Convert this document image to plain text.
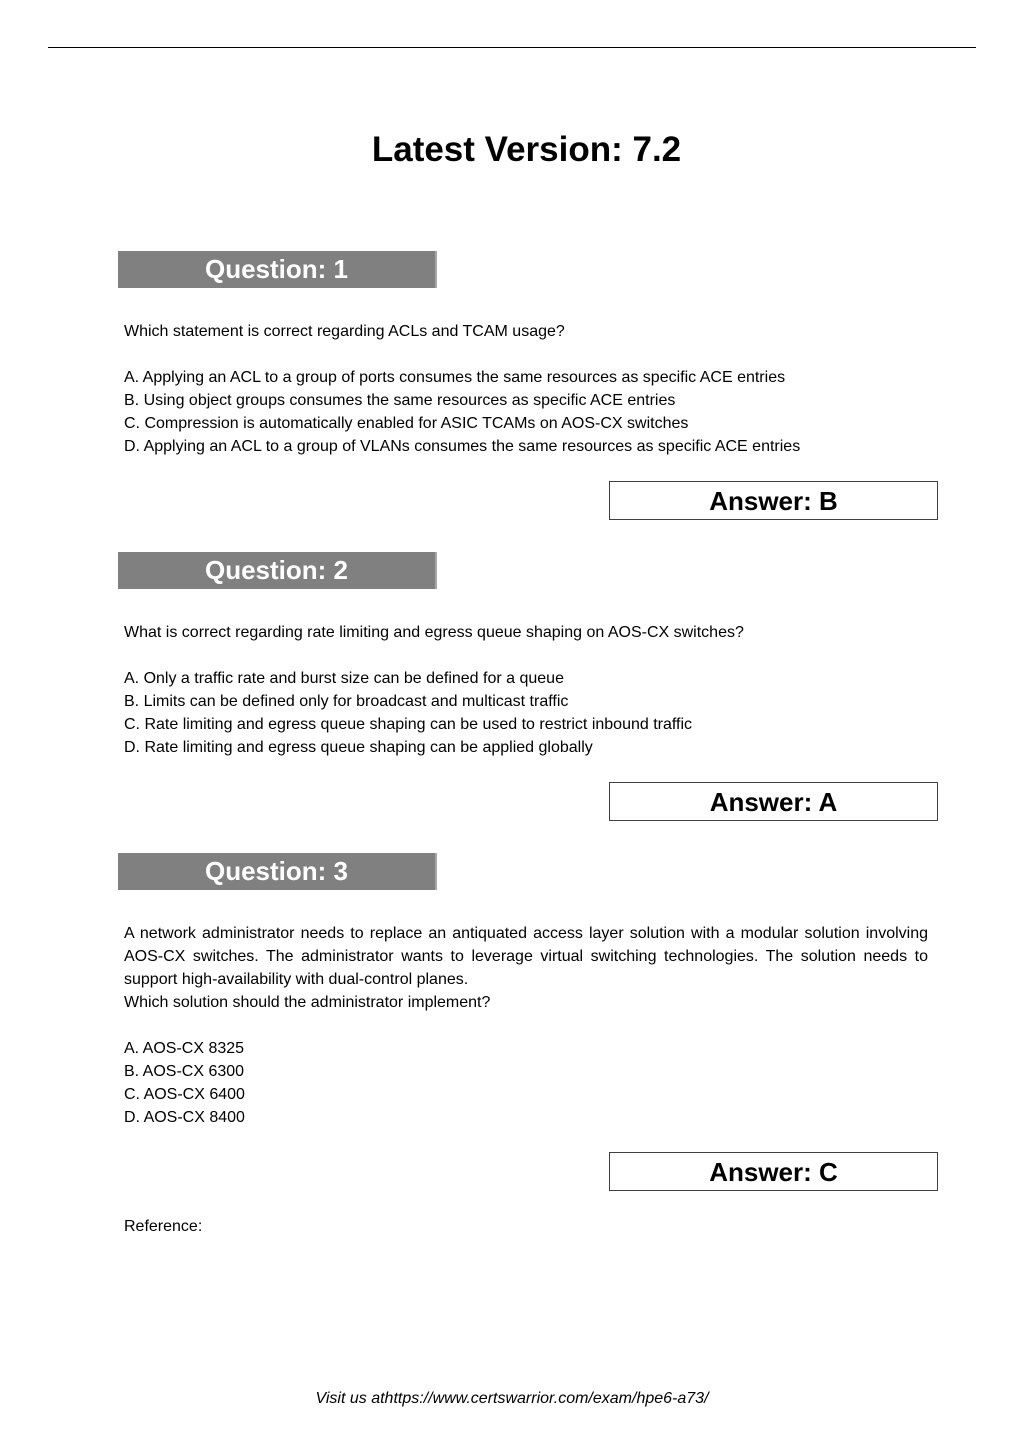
Latest Version: 7.2
Question: 1

Which statement is correct regarding ACLs and TCAM usage?

A. Applying an ACL to a group of ports consumes the same resources as specific ACE entries
B. Using object groups consumes the same resources as specific ACE entries
C. Compression is automatically enabled for ASIC TCAMs on AOS-CX switches
D. Applying an ACL to a group of VLANs consumes the same resources as specific ACE entries
Answer: B
Question: 2

What is correct regarding rate limiting and egress queue shaping on AOS-CX switches?

A. Only a traffic rate and burst size can be defined for a queue
B. Limits can be defined only for broadcast and multicast traffic
C. Rate limiting and egress queue shaping can be used to restrict inbound traffic
D. Rate limiting and egress queue shaping can be applied globally
Answer: A
Question: 3

A network administrator needs to replace an antiquated access layer solution with a modular solution involving AOS-CX switches. The administrator wants to leverage virtual switching technologies. The solution needs to support high-availability with dual-control planes.

Which solution should the administrator implement?

A. AOS-CX 8325
B. AOS-CX 6300
C. AOS-CX 6400
D. AOS-CX 8400
Answer: C

Reference:

Visit us athttps://www.certswarrior.com/exam/hpe6-a73/
